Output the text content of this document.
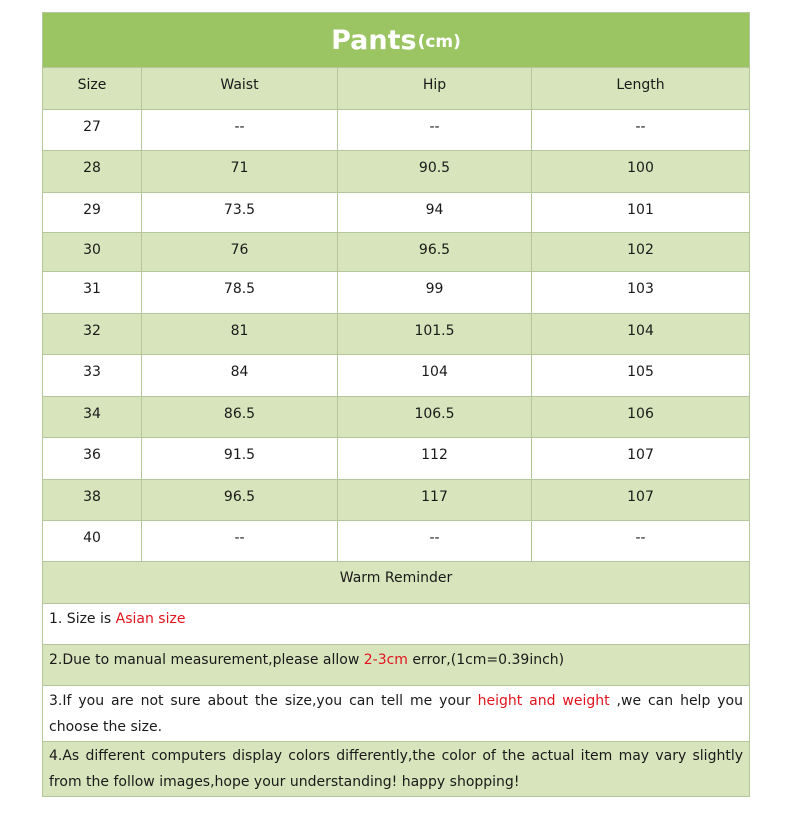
Pants (cm)
Size	Waist	Hip	Length
27	--	--	--
28	71	90.5	100
29	73.5	94	101
30	76	96.5	102
31	78.5	99	103
32	81	101.5	104
33	84	104	105
34	86.5	106.5	106
36	91.5	112	107
38	96.5	117	107
40	--	--	--
Warm Reminder
1. Size is Asian size
2.Due to manual measurement,please allow 2-3cm error,(1cm=0.39inch)
3.If you are not sure about the size,you can tell me your height and weight ,we can help you choose the size.
4.As different computers display colors differently,the color of the actual item may vary slightly from the follow images,hope your understanding! happy shopping!
